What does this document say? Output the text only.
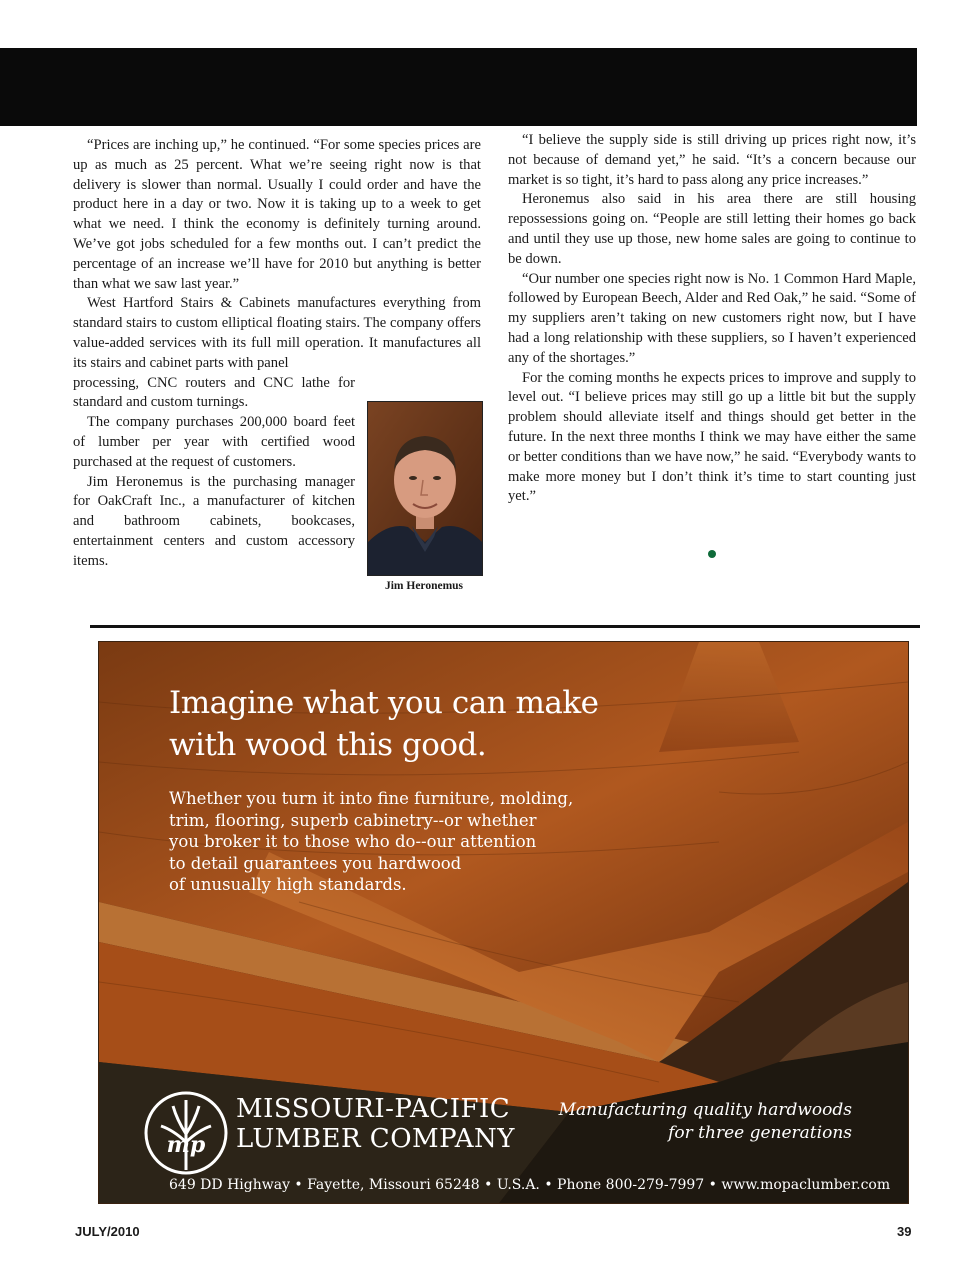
“Prices are inching up,” he continued. “For some species prices are up as much as 25 percent. What we’re seeing right now is that delivery is slower than normal. Usually I could order and have the product here in a day or two. Now it is taking up to a week to get what we need. I think the economy is definitely turning around. We’ve got jobs scheduled for a few months out. I can’t predict the percentage of an increase we’ll have for 2010 but anything is better than what we saw last year.”

West Hartford Stairs & Cabinets manufactures everything from standard stairs to custom elliptical floating stairs. The company offers value-added services with its full mill operation. It manufactures all its stairs and cabinet parts with panel

processing, CNC routers and CNC lathe for standard and custom turnings.

The company purchases 200,000 board feet of lumber per year with certified wood purchased at the request of customers.

Jim Heronemus is the purchasing manager for OakCraft Inc., a manufacturer of kitchen and bathroom cabinets, bookcases, entertainment centers and custom accessory items.

Jim Heronemus

“I believe the supply side is still driving up prices right now, it’s not because of demand yet,” he said. “It’s a concern because our market is so tight, it’s hard to pass along any price increases.”

Heronemus also said in his area there are still housing repossessions going on. “People are still letting their homes go back and until they use up those, new home sales are going to continue to be down.

“Our number one species right now is No. 1 Common Hard Maple, followed by European Beech, Alder and Red Oak,” he said. “Some of my suppliers aren’t taking on new customers right now, but I have had a long relationship with these suppliers, so I haven’t experienced any of the shortages.”

For the coming months he expects prices to improve and supply to level out. “I believe prices may still go up a little bit but the supply problem should alleviate itself and things should get better in the future. In the next three months I think we may have either the same or better conditions than we have now,” he said. “Everybody wants to make more money but I don’t think it’s time to start counting just yet.”

Imagine what you can make
with wood this good.
Whether you turn it into fine furniture, molding,
trim, flooring, superb cabinetry--or whether
you broker it to those who do--our attention
to detail guarantees you hardwood
of unusually high standards.
mp
MISSOURI-PACIFIC
LUMBER COMPANY
Manufacturing quality hardwoods
for three generations
649 DD Highway • Fayette, Missouri 65248 • U.S.A. • Phone 800-279-7997 • www.mopaclumber.com
JULY/2010	39
